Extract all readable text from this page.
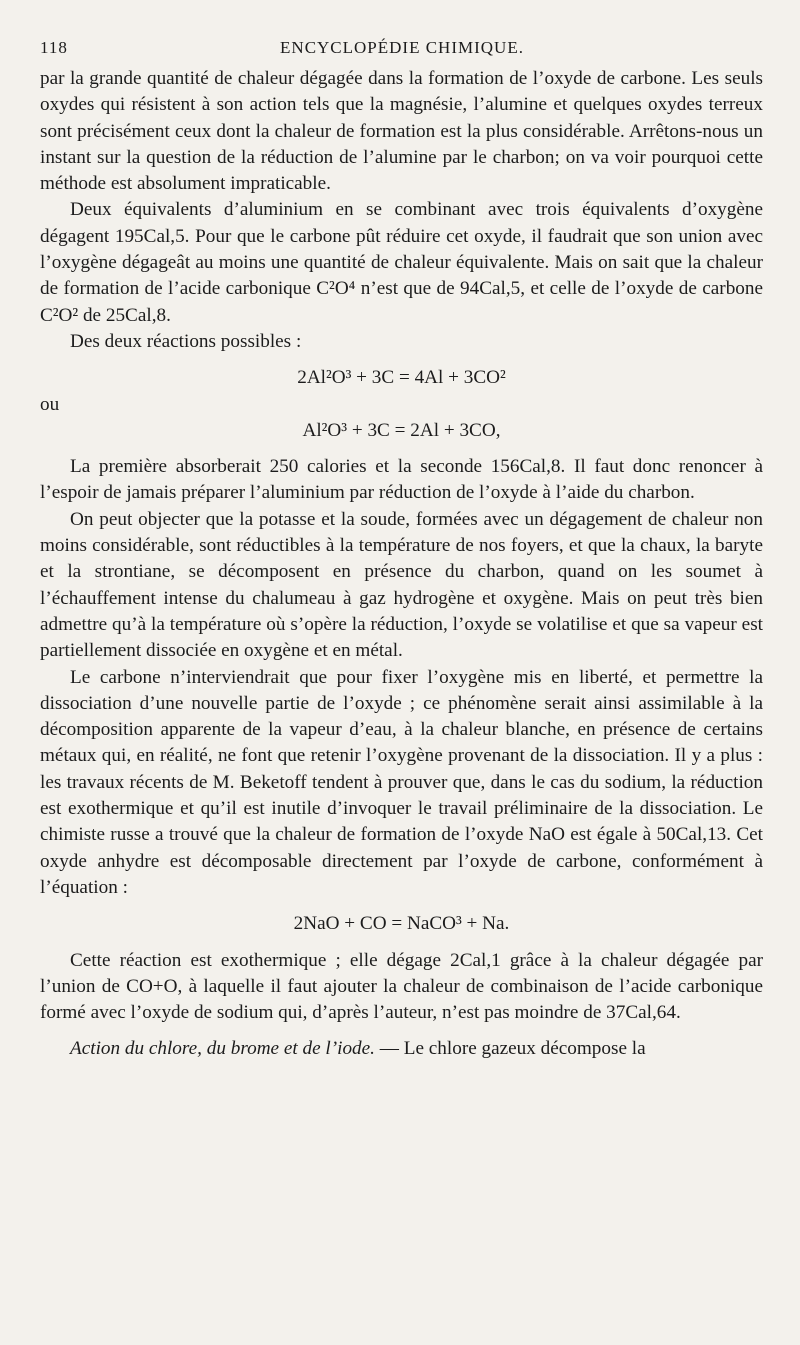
118	ENCYCLOPÉDIE CHIMIQUE.

par la grande quantité de chaleur dégagée dans la formation de l’oxyde de carbone. Les seuls oxydes qui résistent à son action tels que la magnésie, l’alumine et quelques oxydes terreux sont précisément ceux dont la chaleur de formation est la plus considérable. Arrêtons-nous un instant sur la question de la réduction de l’alumine par le charbon; on va voir pourquoi cette méthode est absolument impraticable.

Deux équivalents d’aluminium en se combinant avec trois équivalents d’oxygène dégagent 195Cal,5. Pour que le carbone pût réduire cet oxyde, il faudrait que son union avec l’oxygène dégageât au moins une quantité de chaleur équivalente. Mais on sait que la chaleur de formation de l’acide carbonique C²O⁴ n’est que de 94Cal,5, et celle de l’oxyde de carbone C²O² de 25Cal,8.

Des deux réactions possibles :

2Al²O³ + 3C = 4Al + 3CO²

ou

Al²O³ + 3C = 2Al + 3CO,

La première absorberait 250 calories et la seconde 156Cal,8. Il faut donc renoncer à l’espoir de jamais préparer l’aluminium par réduction de l’oxyde à l’aide du charbon.

On peut objecter que la potasse et la soude, formées avec un dégagement de chaleur non moins considérable, sont réductibles à la température de nos foyers, et que la chaux, la baryte et la strontiane, se décomposent en présence du charbon, quand on les soumet à l’échauffement intense du chalumeau à gaz hydrogène et oxygène. Mais on peut très bien admettre qu’à la température où s’opère la réduction, l’oxyde se volatilise et que sa vapeur est partiellement dissociée en oxygène et en métal.

Le carbone n’interviendrait que pour fixer l’oxygène mis en liberté, et permettre la dissociation d’une nouvelle partie de l’oxyde ; ce phénomène serait ainsi assimilable à la décomposition apparente de la vapeur d’eau, à la chaleur blanche, en présence de certains métaux qui, en réalité, ne font que retenir l’oxygène provenant de la dissociation. Il y a plus : les travaux récents de M. Beketoff tendent à prouver que, dans le cas du sodium, la réduction est exothermique et qu’il est inutile d’invoquer le travail préliminaire de la dissociation. Le chimiste russe a trouvé que la chaleur de formation de l’oxyde NaO est égale à 50Cal,13. Cet oxyde anhydre est décomposable directement par l’oxyde de carbone, conformément à l’équation :

2NaO + CO = NaCO³ + Na.

Cette réaction est exothermique ; elle dégage 2Cal,1 grâce à la chaleur dégagée par l’union de CO+O, à laquelle il faut ajouter la chaleur de combinaison de l’acide carbonique formé avec l’oxyde de sodium qui, d’après l’auteur, n’est pas moindre de 37Cal,64.

Action du chlore, du brome et de l’iode. — Le chlore gazeux décompose la
